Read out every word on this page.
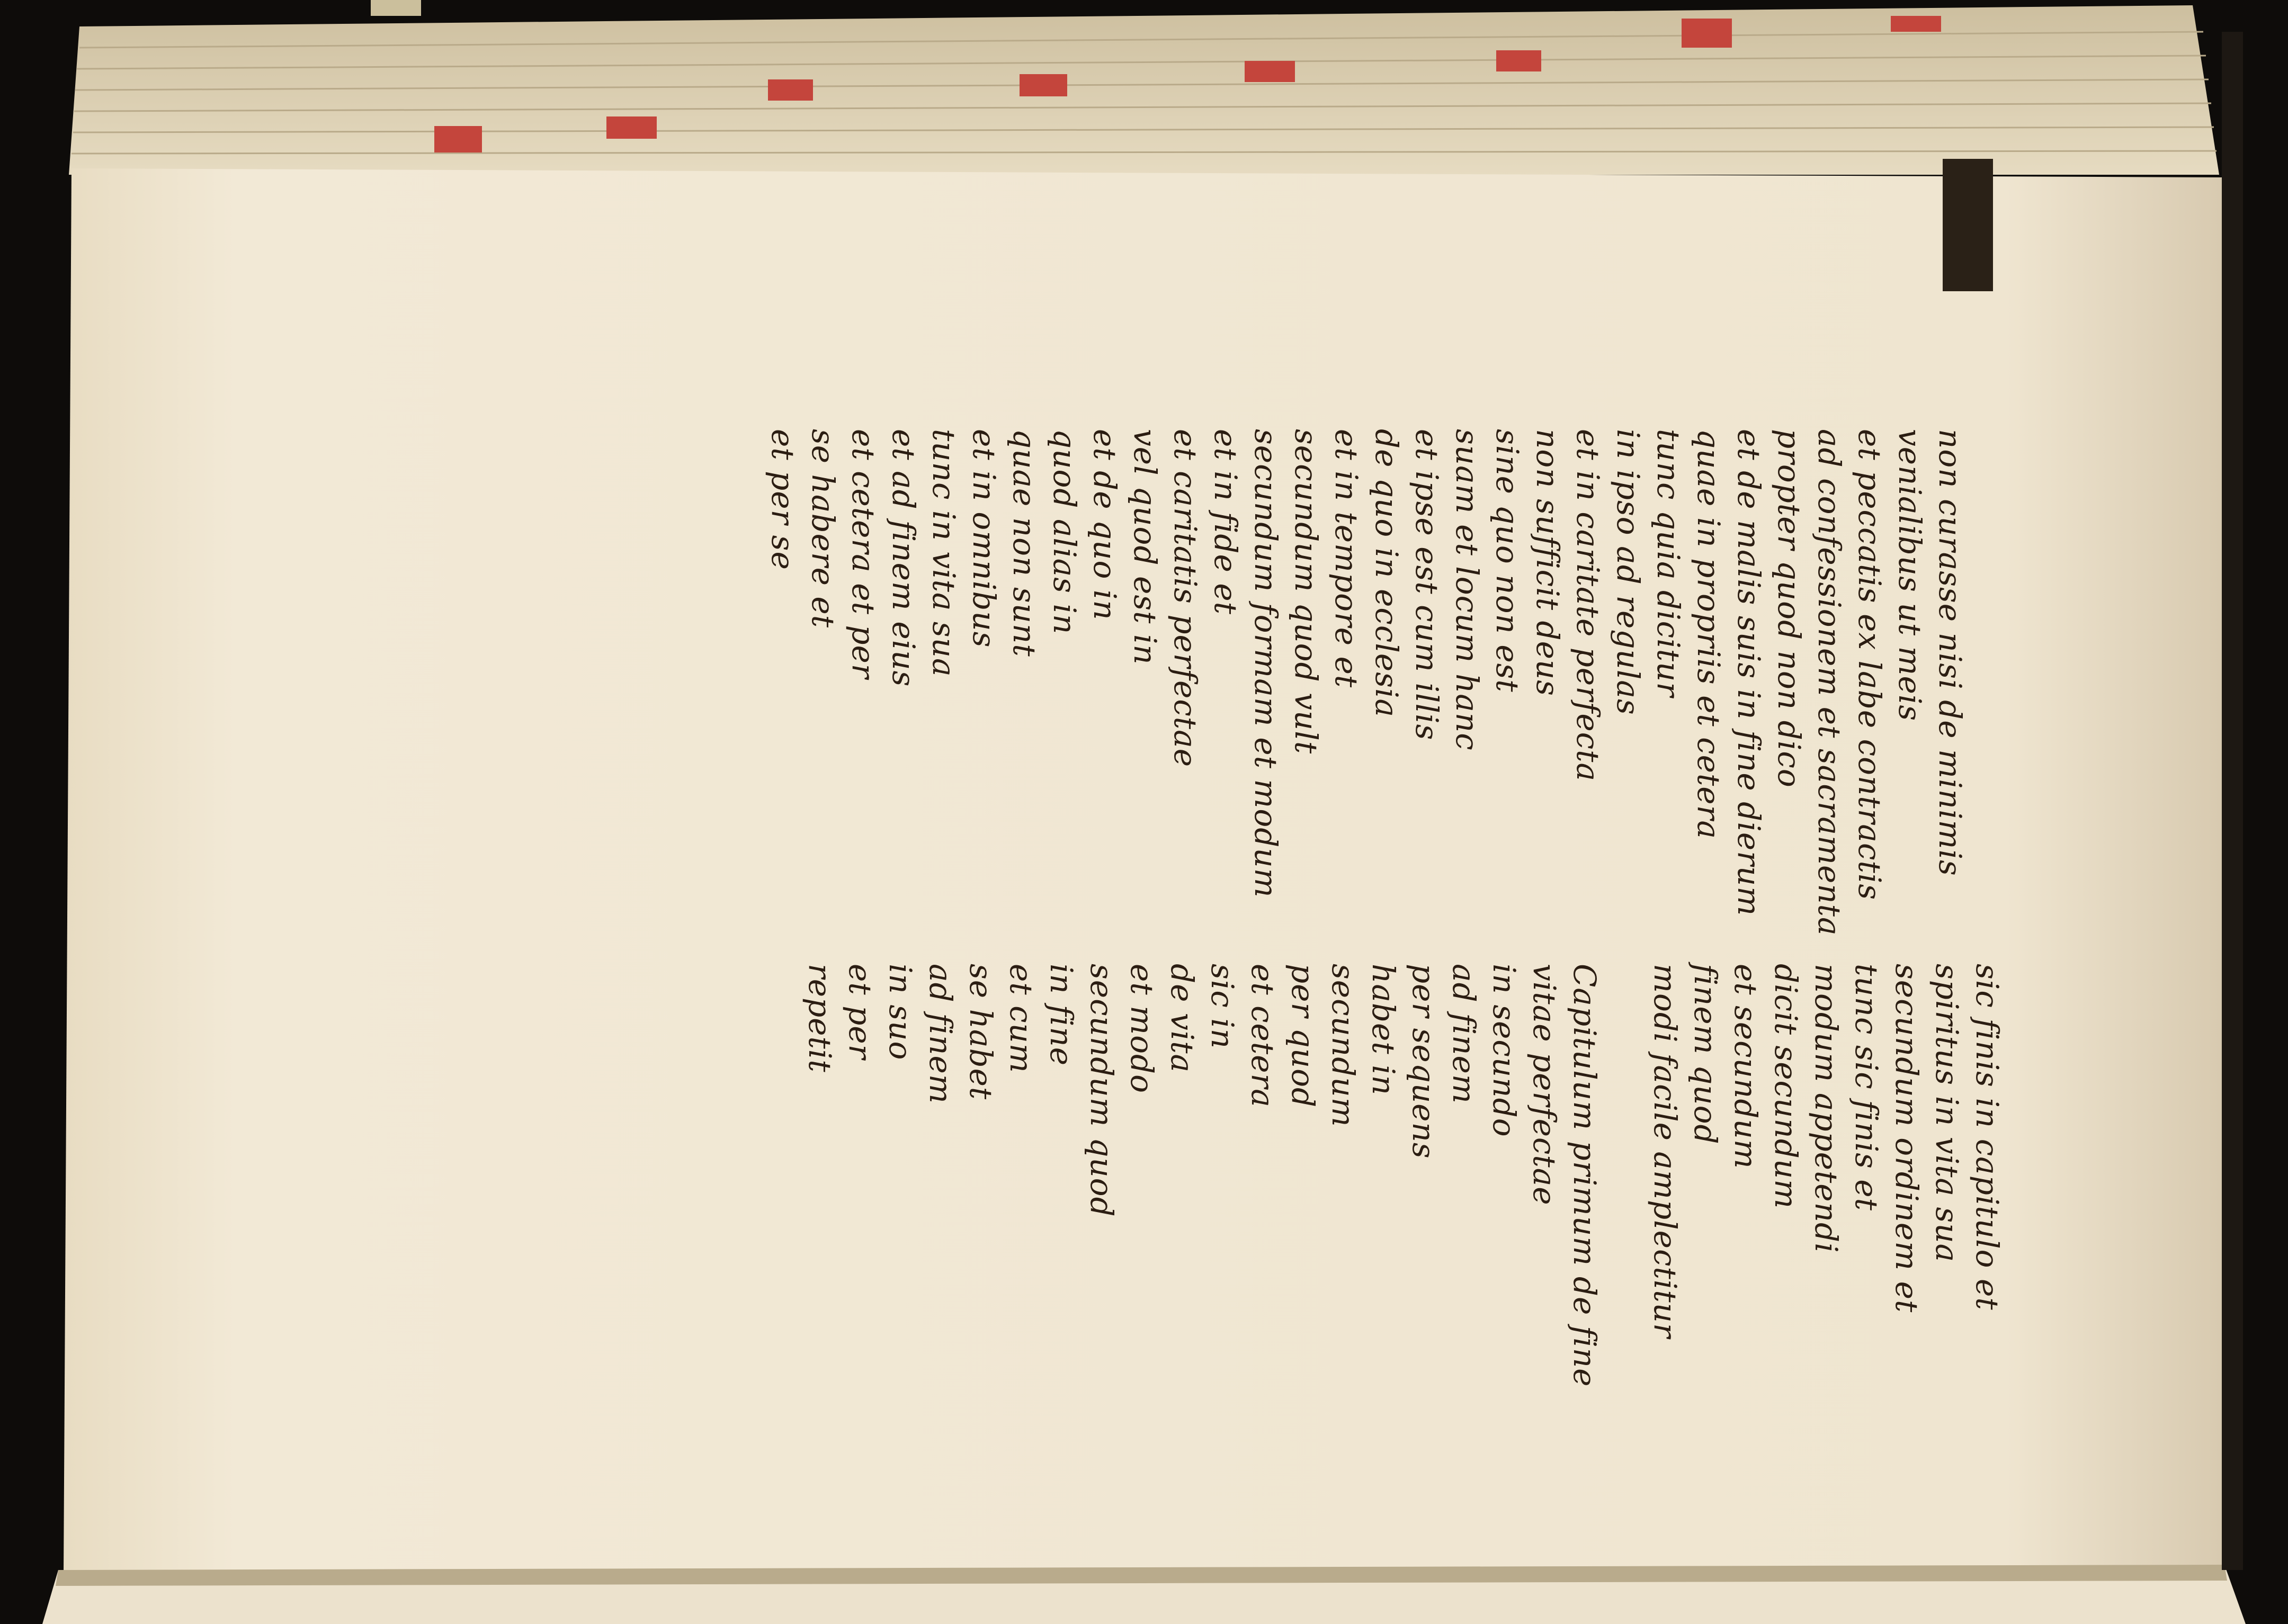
non curasse nisi de minimis
venialibus ut meis
et peccatis ex labe contractis
ad confessionem et sacramenta
propter quod non dico
et de malis suis in fine dierum
quae in propriis et cetera
tunc quia dicitur
in ipso ad regulas
et in caritate perfecta
non sufficit deus
sine quo non est
suam et locum hanc
et ipse est cum illis
de quo in ecclesia
et in tempore et
secundum quod vult
secundum formam et modum
et in fide et
et caritatis perfectae
vel quod est in
et de quo in
quod alias in
quae non sunt
et in omnibus
tunc in vita sua
et ad finem eius
et cetera et per
se habere et
et per se
sic finis in capitulo et
spiritus in vita sua
secundum ordinem et
tunc sic finis et
modum appetendi
dicit secundum
et secundum
finem quod
modi facile amplectitur
Capitulum primum de fine
vitae perfectae
in secundo
ad finem
per sequens
habet in
secundum
per quod
et cetera
sic in
de vita
et modo
secundum quod
in fine
et cum
se habet
ad finem
in suo
et per
repetit
